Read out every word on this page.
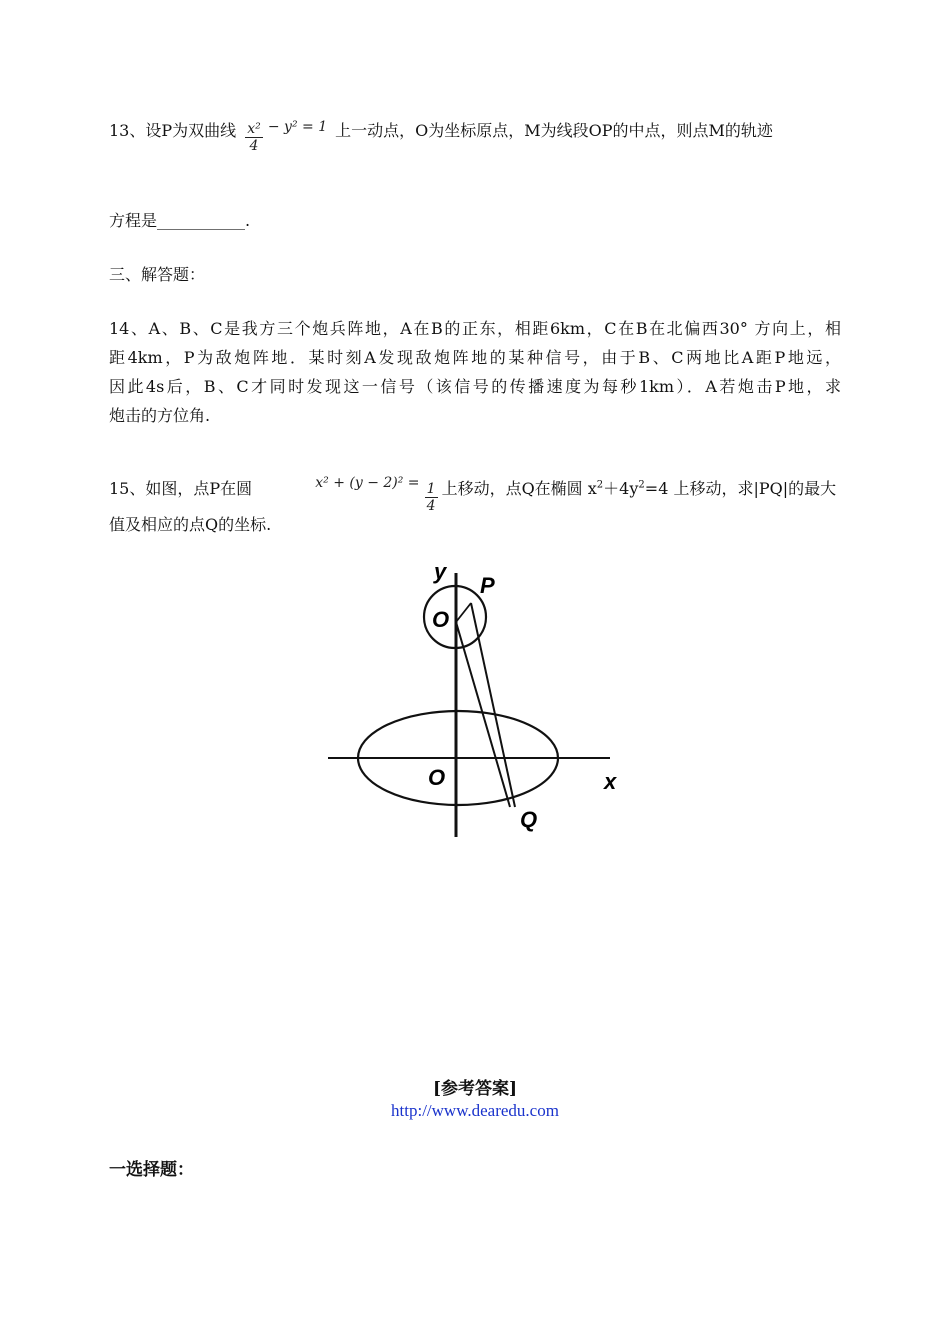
13、设P为双曲线 $\frac{\text{x²}}{4} - y^2 = 1$ 上一动点，O为坐标原点，M为线段OP的中点，则点M的轨迹
方程是___________.
三、解答题：
14、A、B、C是我方三个炮兵阵地，A在B的正东，相距6km，C在B在北偏西30° 方向上，相
距4km，P为敌炮阵地．某时刻A发现敌炮阵地的某种信号，由于B、C两地比A距P地远，
因此4s后，B、C才同时发现这一信号（该信号的传播速度为每秒1km）．A若炮击P地，求
炮击的方位角.
15、如图，点P在圆	$x^2 + (y - 2)^2 = \frac{1}{4}$ 上移动，点Q在椭圆 $x^2+4y^2=4$ 上移动，求|PQ|的最大
值及相应的点Q的坐标.
y
P
O
O	x
Q
[参考答案]
http://www.dearedu.com
一选择题：
